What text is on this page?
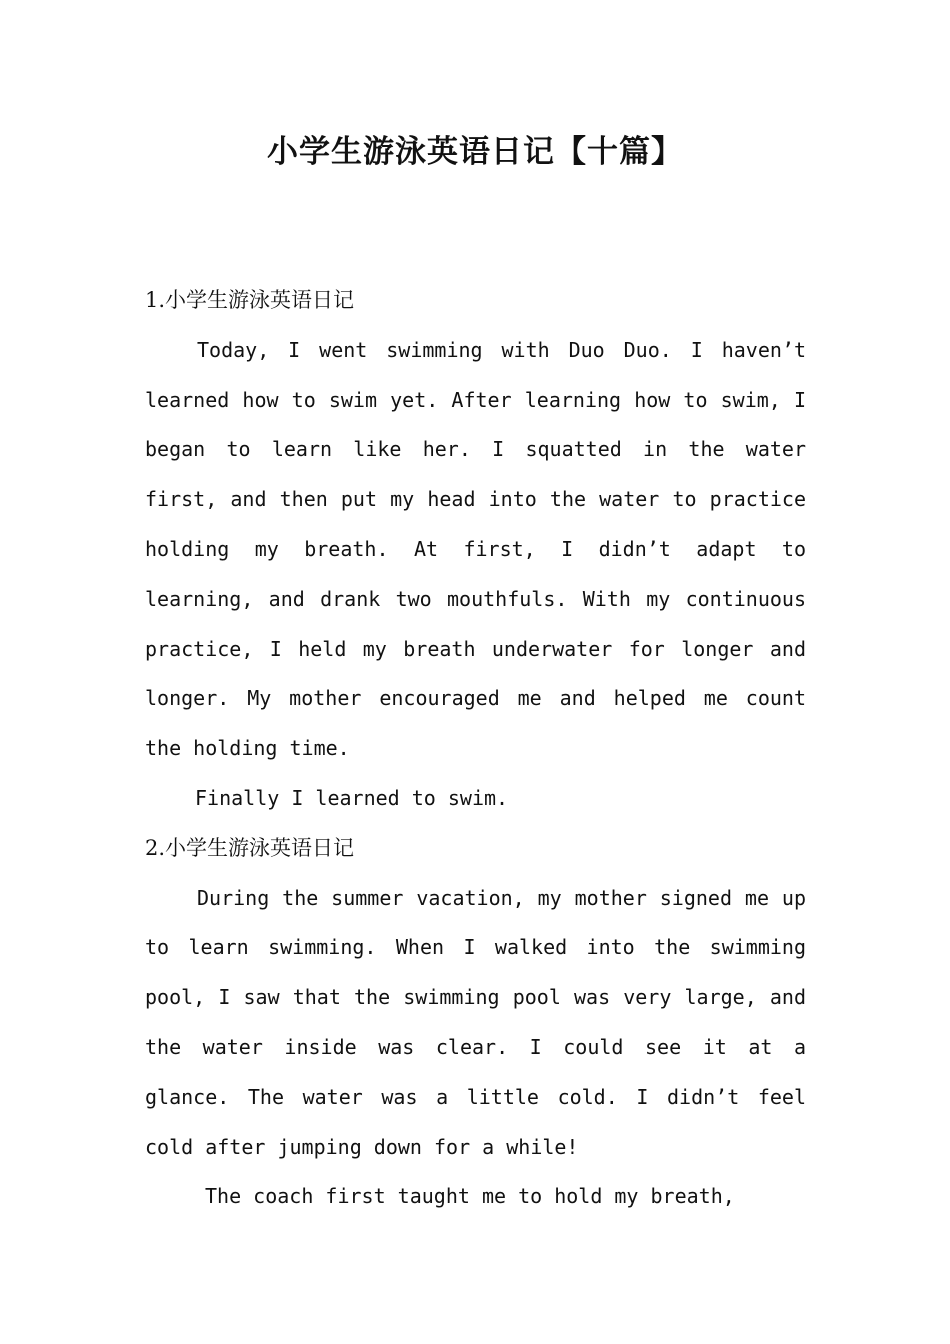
小学生游泳英语日记【十篇】
1.小学生游泳英语日记

Today, I went swimming with Duo Duo. I haven’t learned how to swim yet. After learning how to swim, I began to learn like her. I squatted in the water first, and then put my head into the water to practice holding my breath. At first, I didn’t adapt to learning, and drank two mouthfuls. With my continuous practice, I held my breath underwater for longer and longer. My mother encouraged me and helped me count the holding time.

Finally I learned to swim.

2.小学生游泳英语日记

During the summer vacation, my mother signed me up to learn swimming. When I walked into the swimming pool, I saw that the swimming pool was very large, and the water inside was clear. I could see it at a glance. The water was a little cold. I didn’t feel cold after jumping down for a while!

The coach first taught me to hold my breath,
